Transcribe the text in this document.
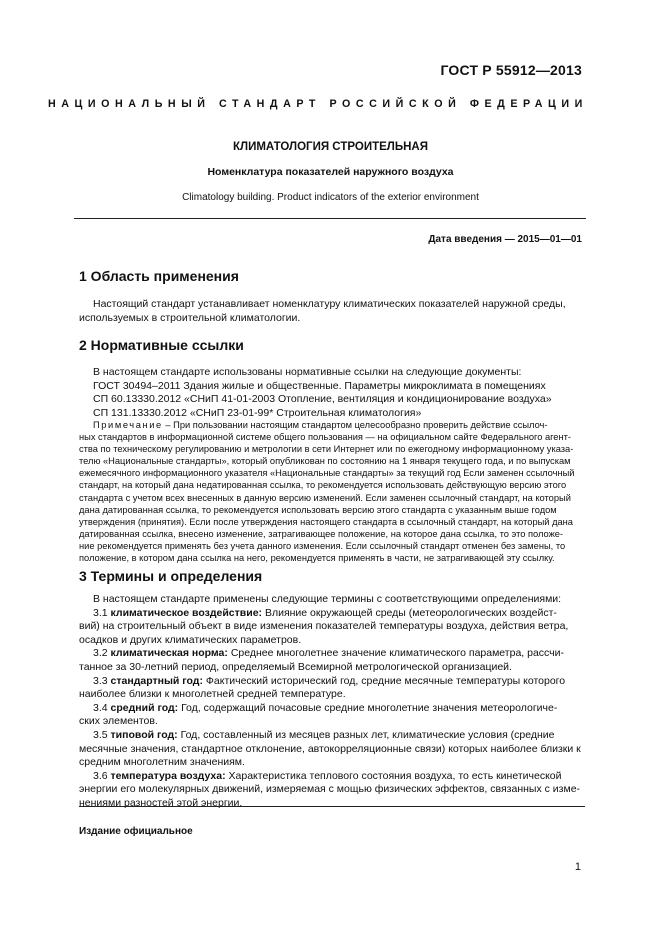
ГОСТ Р 55912—2013
НАЦИОНАЛЬНЫЙ СТАНДАРТ РОССИЙСКОЙ ФЕДЕРАЦИИ
КЛИМАТОЛОГИЯ СТРОИТЕЛЬНАЯ
Номенклатура показателей наружного воздуха
Climatology building. Product indicators of the exterior environment
Дата введения — 2015—01—01
1 Область применения
Настоящий стандарт устанавливает номенклатуру климатических показателей наружной среды,
используемых в строительной климатологии.
2 Нормативные ссылки
В настоящем стандарте использованы нормативные ссылки на следующие документы:
ГОСТ 30494–2011 Здания жилые и общественные. Параметры микроклимата в помещениях
СП 60.13330.2012 «СНиП 41-01-2003 Отопление, вентиляция и кондиционирование воздуха»
СП 131.13330.2012 «СНиП 23-01-99* Строительная климатология»
Примечание – При пользовании настоящим стандартом целесообразно проверить действие ссылоч-
ных стандартов в информационной системе общего пользования — на официальном сайте Федерального агент-
ства по техническому регулированию и метрологии в сети Интернет или по ежегодному информационному указа-
телю «Национальные стандарты», который опубликован по состоянию на 1 января текущего года, и по выпускам
ежемесячного информационного указателя «Национальные стандарты» за текущий год Если заменен ссылочный
стандарт, на который дана недатированная ссылка, то рекомендуется использовать действующую версию этого
стандарта с учетом всех внесенных в данную версию изменений. Если заменен ссылочный стандарт, на который
дана датированная ссылка, то рекомендуется использовать версию этого стандарта с указанным выше годом
утверждения (принятия). Если после утверждения настоящего стандарта в ссылочный стандарт, на который дана
датированная ссылка, внесено изменение, затрагивающее положение, на которое дана ссылка, то это положе-
ние рекомендуется применять без учета данного изменения. Если ссылочный стандарт отменен без замены, то
положение, в котором дана ссылка на него, рекомендуется применять в части, не затрагивающей эту ссылку.
3 Термины и определения
В настоящем стандарте применены следующие термины с соответствующими определениями:
3.1 климатическое воздействие: Влияние окружающей среды (метеорологических воздейст-
вий) на строительный объект в виде изменения показателей температуры воздуха, действия ветра,
осадков и других климатических параметров.
3.2 климатическая норма: Среднее многолетнее значение климатического параметра, рассчи-
танное за 30-летний период, определяемый Всемирной метрологической организацией.
3.3 стандартный год: Фактический исторический год, средние месячные температуры которого
наиболее близки к многолетней средней температуре.
3.4 средний год: Год, содержащий почасовые средние многолетние значения метеорологиче-
ских элементов.
3.5 типовой год: Год, составленный из месяцев разных лет, климатические условия (средние
месячные значения, стандартное отклонение, автокорреляционные связи) которых наиболее близки к
средним многолетним значениям.
3.6 температура воздуха: Характеристика теплового состояния воздуха, то есть кинетической
энергии его молекулярных движений, измеряемая с мощью физических эффектов, связанных с изме-
нениями разностей этой энергии.
Издание официальное
1
